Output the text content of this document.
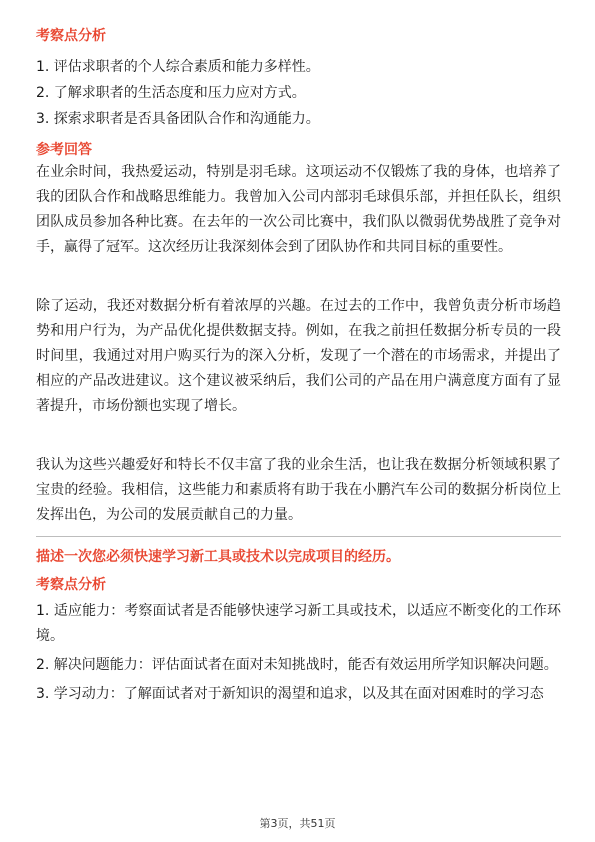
考察点分析

1. 评估求职者的个人综合素质和能力多样性。

2. 了解求职者的生活态度和压力应对方式。

3. 探索求职者是否具备团队合作和沟通能力。

参考回答

在业余时间，我热爱运动，特别是羽毛球。这项运动不仅锻炼了我的身体，也培养了我的团队合作和战略思维能力。我曾加入公司内部羽毛球俱乐部，并担任队长，组织团队成员参加各种比赛。在去年的一次公司比赛中，我们队以微弱优势战胜了竞争对手，赢得了冠军。这次经历让我深刻体会到了团队协作和共同目标的重要性。

除了运动，我还对数据分析有着浓厚的兴趣。在过去的工作中，我曾负责分析市场趋势和用户行为，为产品优化提供数据支持。例如，在我之前担任数据分析专员的一段时间里，我通过对用户购买行为的深入分析，发现了一个潜在的市场需求，并提出了相应的产品改进建议。这个建议被采纳后，我们公司的产品在用户满意度方面有了显著提升，市场份额也实现了增长。

我认为这些兴趣爱好和特长不仅丰富了我的业余生活，也让我在数据分析领域积累了宝贵的经验。我相信，这些能力和素质将有助于我在小鹏汽车公司的数据分析岗位上发挥出色，为公司的发展贡献自己的力量。

描述一次您必须快速学习新工具或技术以完成项目的经历。

考察点分析

1. 适应能力：考察面试者是否能够快速学习新工具或技术，以适应不断变化的工作环境。

2. 解决问题能力：评估面试者在面对未知挑战时，能否有效运用所学知识解决问题。

3. 学习动力：了解面试者对于新知识的渴望和追求，以及其在面对困难时的学习态

第3页，共51页
